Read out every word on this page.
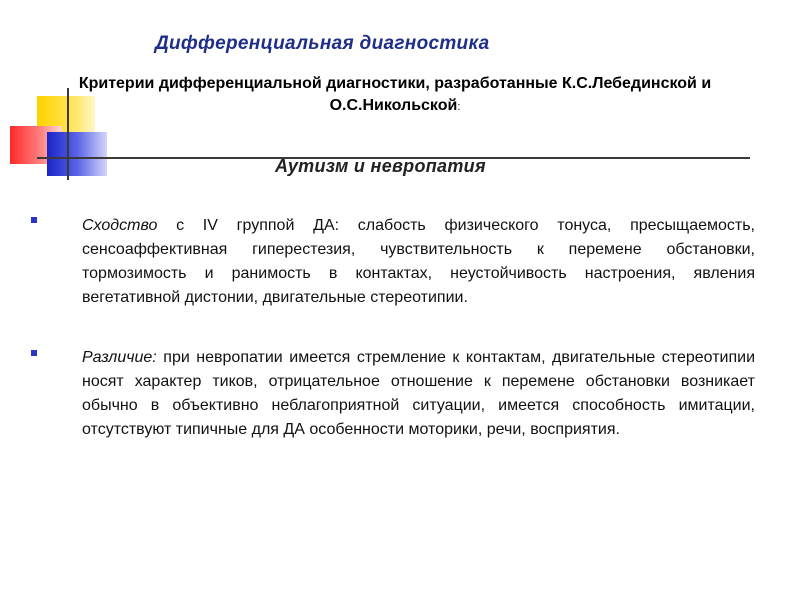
Дифференциальная диагностика
Критерии дифференциальной диагностики, разработанные К.С.Лебединской и О.С.Никольской:
Аутизм и невропатия
Сходство с IV группой ДА: слабость физического тонуса, пресыщаемость, сенсоаффективная гиперестезия, чувствительность к перемене обстановки, тормозимость и ранимость в контактах, неустойчивость настроения, явления вегетативной дистонии, двигательные стереотипии.
Различие: при невропатии имеется стремление к контактам, двигательные стереотипии носят характер тиков, отрицательное отношение к перемене обстановки возникает обычно в объективно неблагоприятной ситуации, имеется способность имитации, отсутствуют типичные для ДА особенности моторики, речи, восприятия.
